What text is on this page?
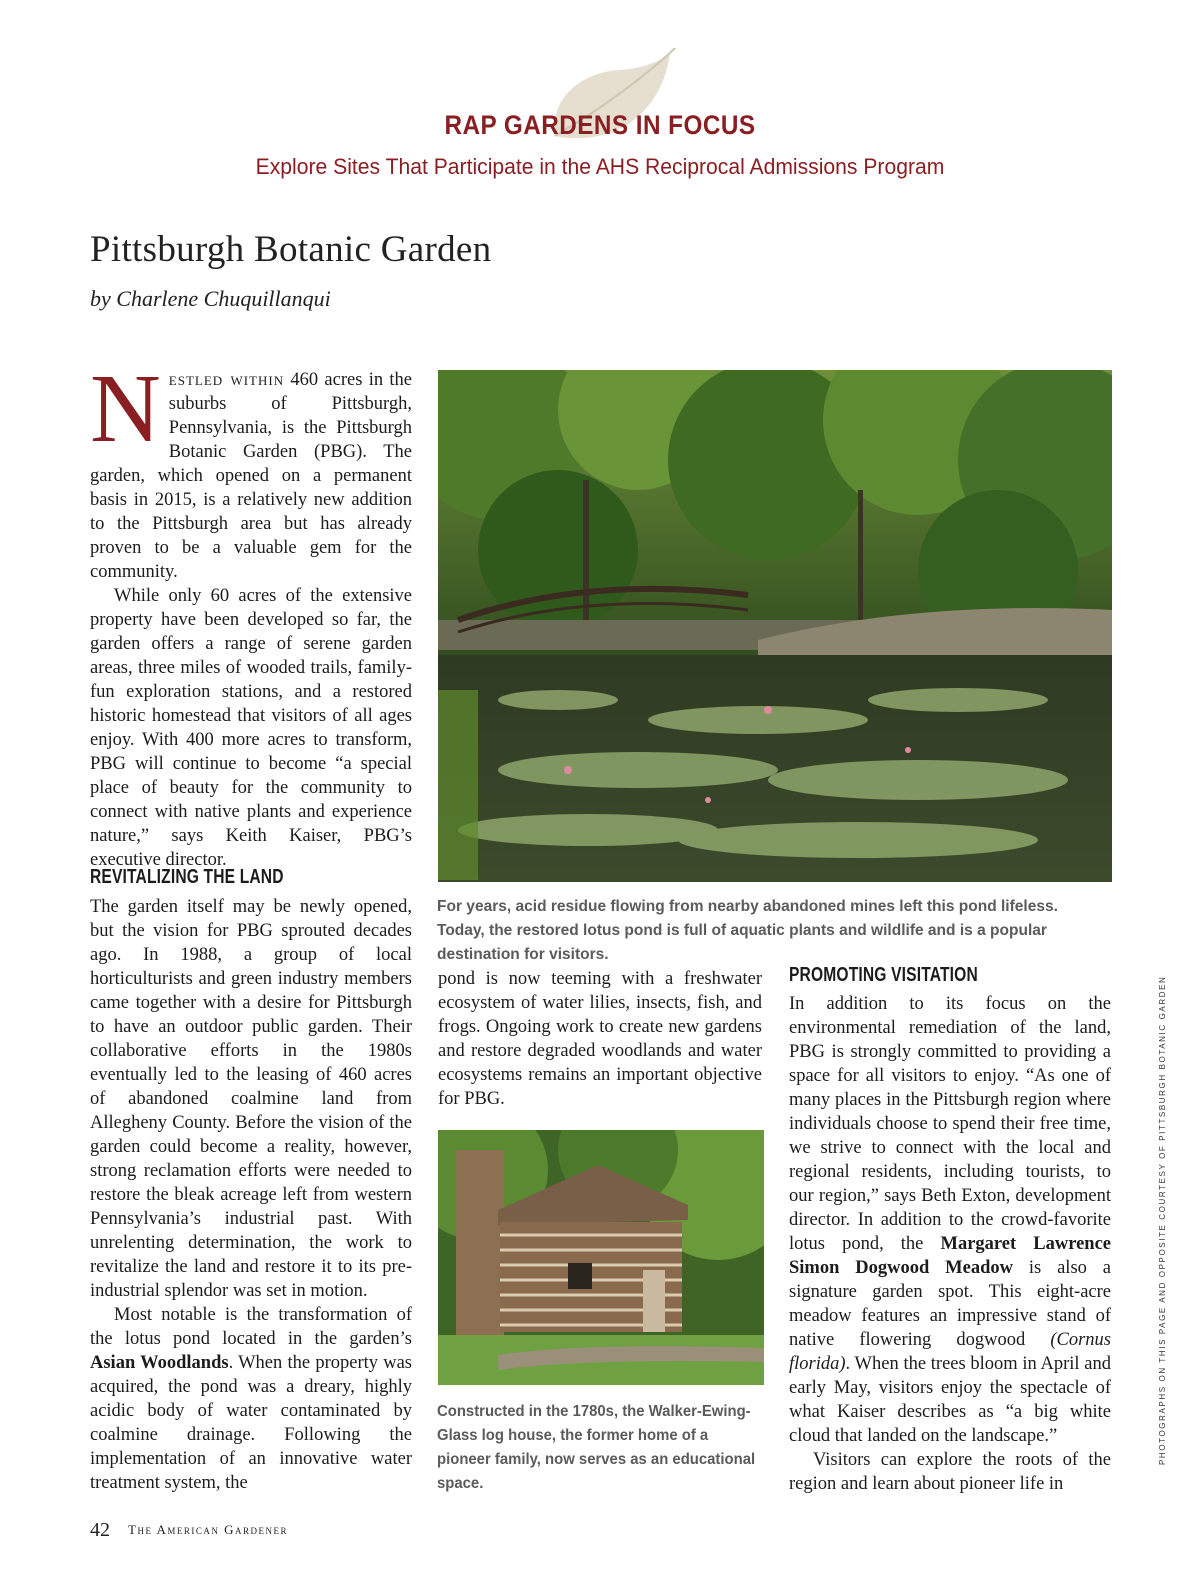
RAP GARDENS IN FOCUS
Explore Sites That Participate in the AHS Reciprocal Admissions Program
Pittsburgh Botanic Garden
by Charlene Chuquillanqui

Nestled within 460 acres in the suburbs of Pittsburgh, Pennsylvania, is the Pittsburgh Botanic Garden (PBG). The garden, which opened on a permanent basis in 2015, is a relatively new addition to the Pittsburgh area but has already proven to be a valuable gem for the community.

While only 60 acres of the extensive property have been developed so far, the garden offers a range of serene garden areas, three miles of wooded trails, family-fun exploration stations, and a restored historic homestead that visitors of all ages enjoy. With 400 more acres to transform, PBG will continue to become “a special place of beauty for the community to connect with native plants and experience nature,” says Keith Kaiser, PBG’s executive director.

REVITALIZING THE LAND

The garden itself may be newly opened, but the vision for PBG sprouted decades ago. In 1988, a group of local horticulturists and green industry members came together with a desire for Pittsburgh to have an outdoor public garden. Their collaborative efforts in the 1980s eventually led to the leasing of 460 acres of abandoned coalmine land from Allegheny County. Before the vision of the garden could become a reality, however, strong reclamation efforts were needed to restore the bleak acreage left from western Pennsylvania’s industrial past. With unrelenting determination, the work to revitalize the land and restore it to its pre-industrial splendor was set in motion.

Most notable is the transformation of the lotus pond located in the garden’s Asian Woodlands. When the property was acquired, the pond was a dreary, highly acidic body of water contaminated by coalmine drainage. Following the implementation of an innovative water treatment system, the

For years, acid residue flowing from nearby abandoned mines left this pond lifeless. Today, the restored lotus pond is full of aquatic plants and wildlife and is a popular destination for visitors.

pond is now teeming with a freshwater ecosystem of water lilies, insects, fish, and frogs. Ongoing work to create new gardens and restore degraded woodlands and water ecosystems remains an important objective for PBG.

Constructed in the 1780s, the Walker-Ewing-Glass log house, the former home of a pioneer family, now serves as an educational space.
PROMOTING VISITATION

In addition to its focus on the environmental remediation of the land, PBG is strongly committed to providing a space for all visitors to enjoy. “As one of many places in the Pittsburgh region where individuals choose to spend their free time, we strive to connect with the local and regional residents, including tourists, to our region,” says Beth Exton, development director. In addition to the crowd-favorite lotus pond, the Margaret Lawrence Simon Dogwood Meadow is also a signature garden spot. This eight-acre meadow features an impressive stand of native flowering dogwood (Cornus florida). When the trees bloom in April and early May, visitors enjoy the spectacle of what Kaiser describes as “a big white cloud that landed on the landscape.”

Visitors can explore the roots of the region and learn about pioneer life in

42 The American Gardener
PHOTOGRAPHS ON THIS PAGE AND OPPOSITE COURTESY OF PITTSBURGH BOTANIC GARDEN
